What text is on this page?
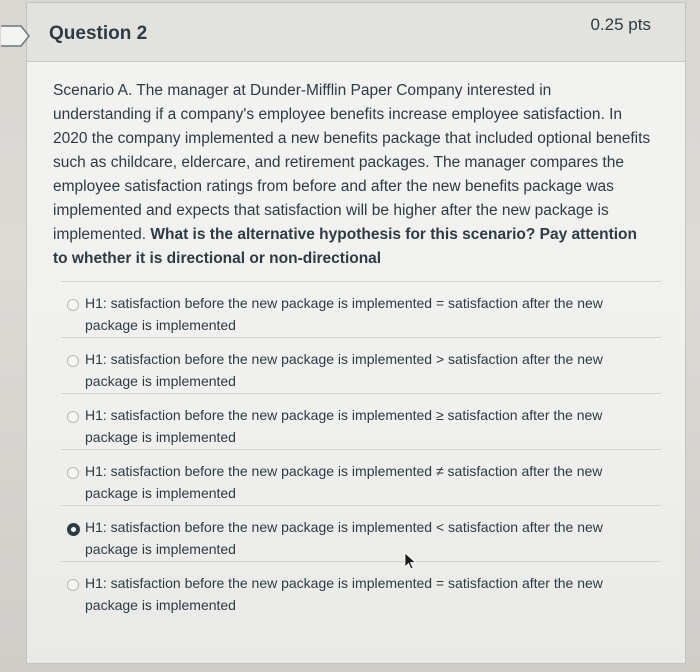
Question 2	0.25 pts
Scenario A. The manager at Dunder-Mifflin Paper Company interested in understanding if a company's employee benefits increase employee satisfaction. In 2020 the company implemented a new benefits package that included optional benefits such as childcare, eldercare, and retirement packages. The manager compares the employee satisfaction ratings from before and after the new benefits package was implemented and expects that satisfaction will be higher after the new package is implemented. What is the alternative hypothesis for this scenario? Pay attention to whether it is directional or non-directional
H1: satisfaction before the new package is implemented = satisfaction after the new package is implemented
H1: satisfaction before the new package is implemented > satisfaction after the new package is implemented
H1: satisfaction before the new package is implemented ≥ satisfaction after the new package is implemented
H1: satisfaction before the new package is implemented ≠ satisfaction after the new package is implemented
H1: satisfaction before the new package is implemented < satisfaction after the new package is implemented
H1: satisfaction before the new package is implemented = satisfaction after the new package is implemented
